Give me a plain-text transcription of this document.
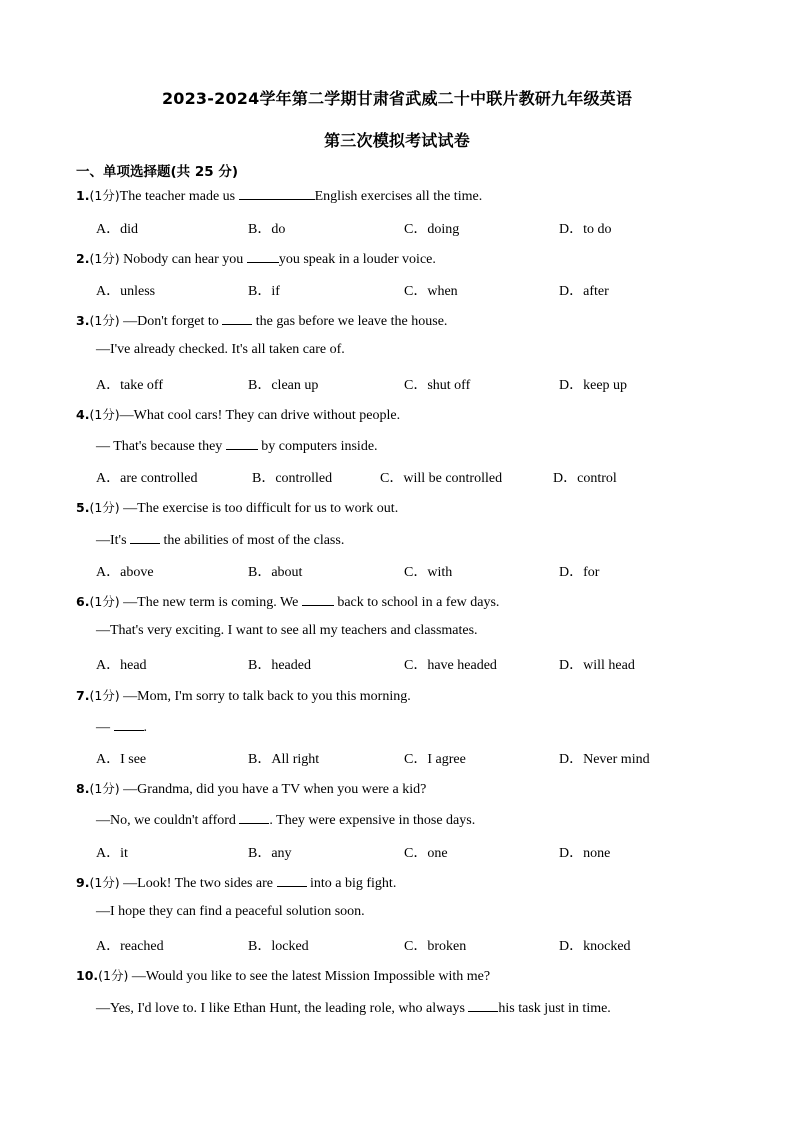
2023-2024学年第二学期甘肃省武威二十中联片教研九年级英语
第三次模拟考试试卷
一、单项选择题(共 25 分)
1.(1分)The teacher made us	English exercises all the time.
A．did	B．do	C．doing	D．to do
2.(1分) Nobody can hear you you speak in a louder voice.
A．unless	B．if	C．when	D．after
3.(1分) —Don't forget to  the gas before we leave the house.
—I've already checked. It's all taken care of.
A．take off	B．clean up	C．shut off	D．keep up
4.(1分)—What cool cars! They can drive without people.
— That's because they  by computers inside.
A．are controlled	B．controlled	C．will be controlled	D．control
5.(1分) —The exercise is too difficult for us to work out.
—It's  the abilities of most of the class.
A．above	B．about	C．with	D．for
6.(1分) —The new term is coming. We  back to school in a few days.
—That's very exciting. I want to see all my teachers and classmates.
A．head	B．headed	C．have headed	D．will head
7.(1分) —Mom, I'm sorry to talk back to you this morning.
— .
A．I see	B．All right	C．I agree	D．Never mind
8.(1分) —Grandma, did you have a TV when you were a kid?
—No, we couldn't afford . They were expensive in those days.
A．it	B．any	C．one	D．none
9.(1分) —Look! The two sides are  into a big fight.
—I hope they can find a peaceful solution soon.
A．reached	B．locked	C．broken	D．knocked
10.(1分) —Would you like to see the latest Mission Impossible with me?
—Yes, I'd love to. I like Ethan Hunt, the leading role, who always his task just in time.
